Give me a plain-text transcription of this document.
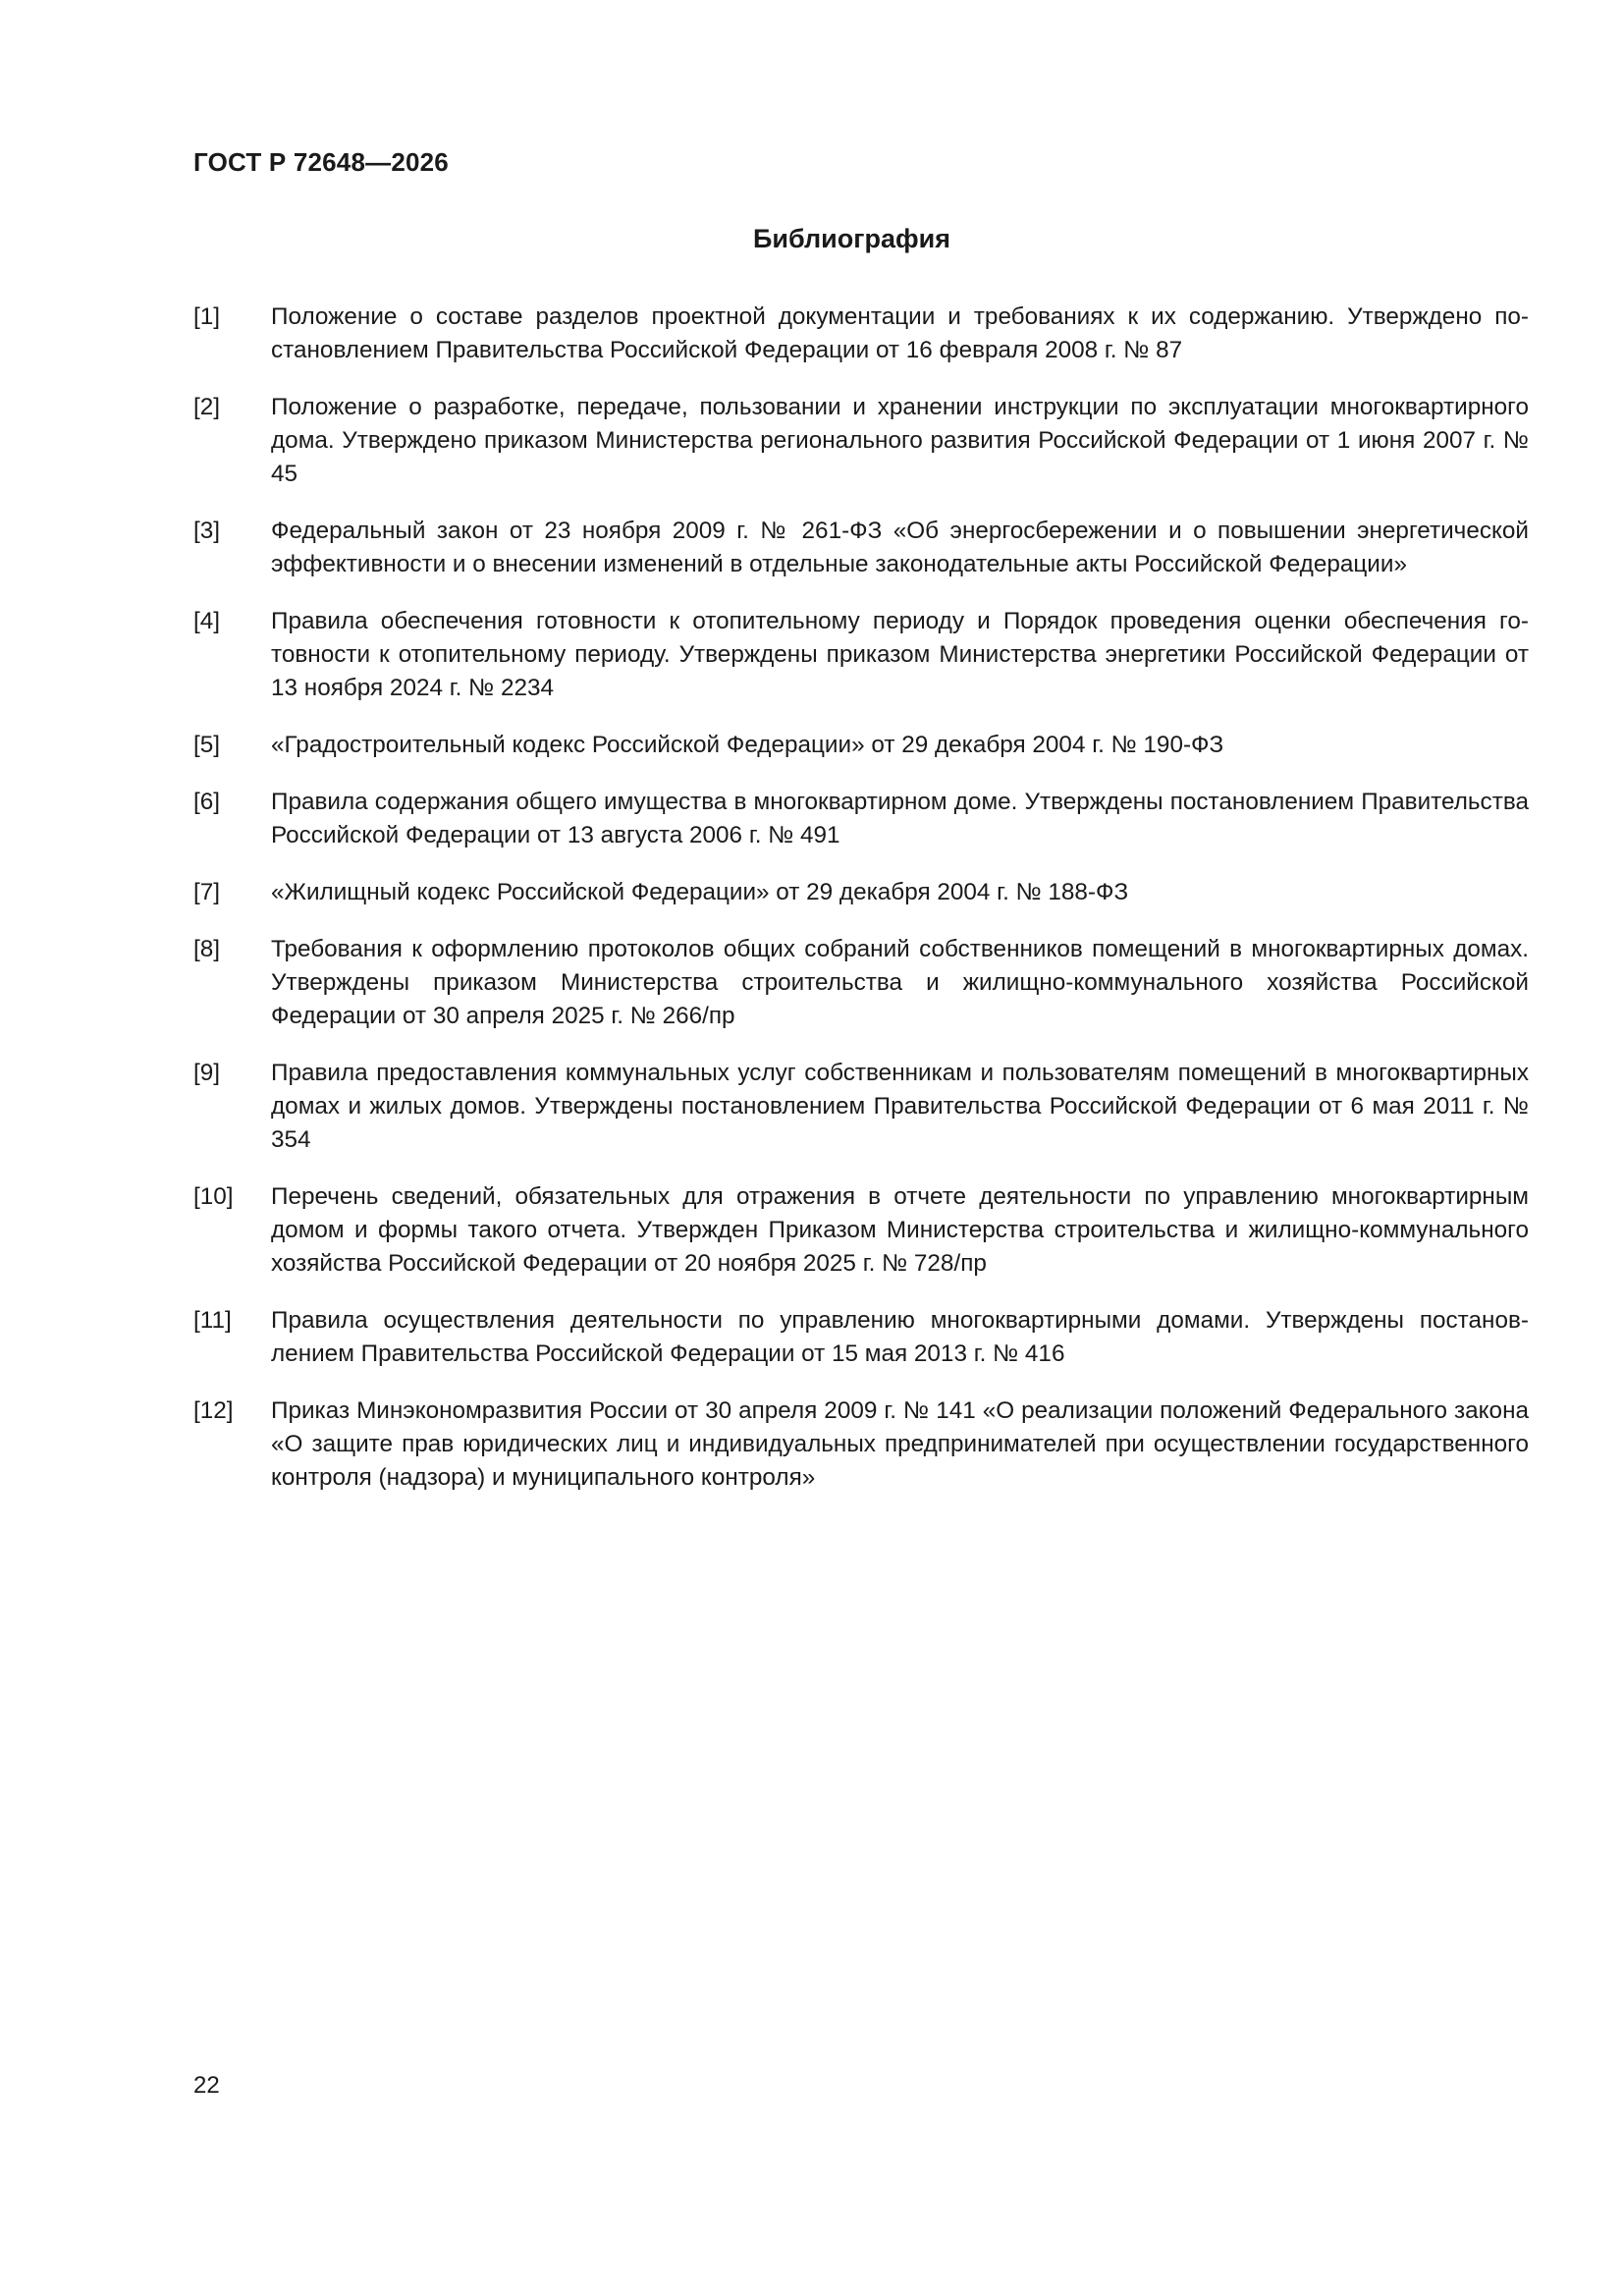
ГОСТ Р 72648—2026
Библиография
[1]	Положение о составе разделов проектной документации и требованиях к их содержанию. Утверждено постановлением Правительства Российской Федерации от 16 февраля 2008 г. № 87
[2]	Положение о разработке, передаче, пользовании и хранении инструкции по эксплуатации многоквартирного дома. Утверждено приказом Министерства регионального развития Российской Федерации от 1 июня 2007 г. № 45
[3]	Федеральный закон от 23 ноября 2009 г. № 261-ФЗ «Об энергосбережении и о повышении энергетической эффективности и о внесении изменений в отдельные законодательные акты Российской Федерации»
[4]	Правила обеспечения готовности к отопительному периоду и Порядок проведения оценки обеспечения готовности к отопительному периоду. Утверждены приказом Министерства энергетики Российской Федерации от 13 ноября 2024 г. № 2234
[5]	«Градостроительный кодекс Российской Федерации» от 29 декабря 2004 г. № 190-ФЗ
[6]	Правила содержания общего имущества в многоквартирном доме. Утверждены постановлением Правительства Российской Федерации от 13 августа 2006 г. № 491
[7]	«Жилищный кодекс Российской Федерации» от 29 декабря 2004 г. № 188-ФЗ
[8]	Требования к оформлению протоколов общих собраний собственников помещений в многоквартирных домах. Утверждены приказом Министерства строительства и жилищно-коммунального хозяйства Российской Федерации от 30 апреля 2025 г. № 266/пр
[9]	Правила предоставления коммунальных услуг собственникам и пользователям помещений в многоквартирных домах и жилых домов. Утверждены постановлением Правительства Российской Федерации от 6 мая 2011 г. № 354
[10]	Перечень сведений, обязательных для отражения в отчете деятельности по управлению многоквартирным домом и формы такого отчета. Утвержден Приказом Министерства строительства и жилищно-коммунального хозяйства Российской Федерации от 20 ноября 2025 г. № 728/пр
[11]	Правила осуществления деятельности по управлению многоквартирными домами. Утверждены постановлением Правительства Российской Федерации от 15 мая 2013 г. № 416
[12]	Приказ Минэкономразвития России от 30 апреля 2009 г. № 141 «О реализации положений Федерального закона «О защите прав юридических лиц и индивидуальных предпринимателей при осуществлении государственного контроля (надзора) и муниципального контроля»
22
